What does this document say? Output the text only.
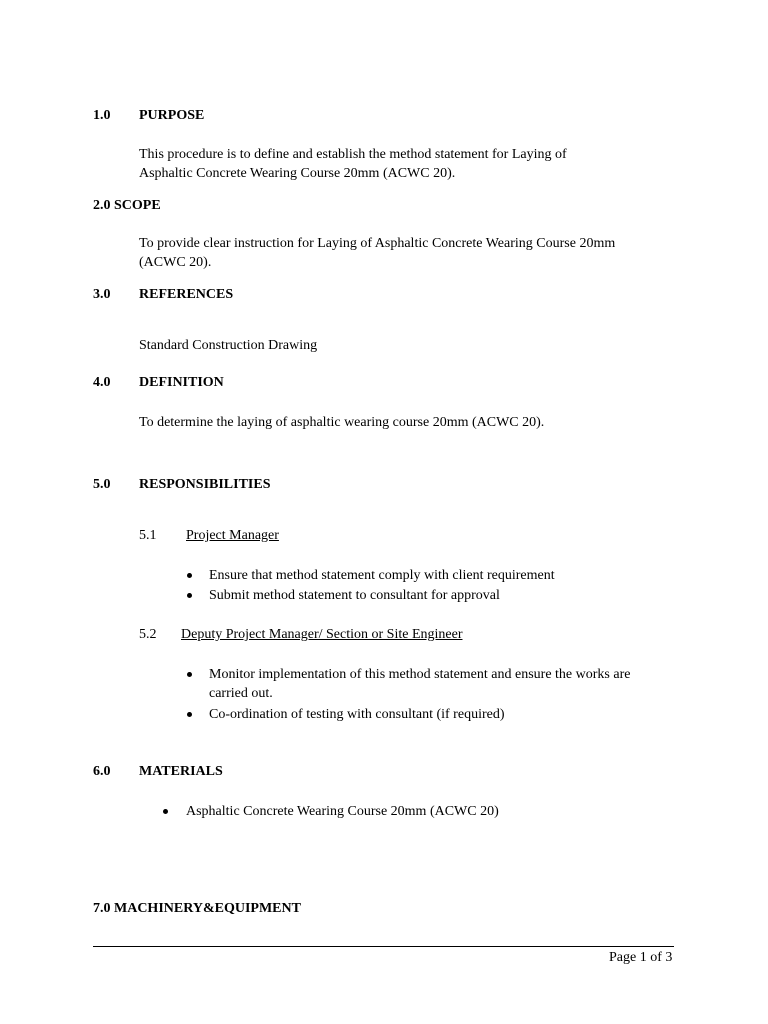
1.0 PURPOSE
This procedure is to define and establish the method statement for Laying of
Asphaltic Concrete Wearing Course 20mm (ACWC 20).
2.0 SCOPE
To provide clear instruction for Laying of Asphaltic Concrete Wearing Course 20mm
(ACWC 20).
3.0 REFERENCES
Standard Construction Drawing
4.0 DEFINITION
To determine the laying of asphaltic wearing course 20mm (ACWC 20).
5.0 RESPONSIBILITIES
5.1 Project Manager
Ensure that method statement comply with client requirement
Submit method statement to consultant for approval
5.2 Deputy Project Manager/ Section or Site Engineer
Monitor implementation of this method statement and ensure the works are
carried out.
Co-ordination of testing with consultant (if required)
6.0 MATERIALS
Asphaltic Concrete Wearing Course 20mm (ACWC 20)
7.0 MACHINERY&EQUIPMENT
Page 1 of 3
